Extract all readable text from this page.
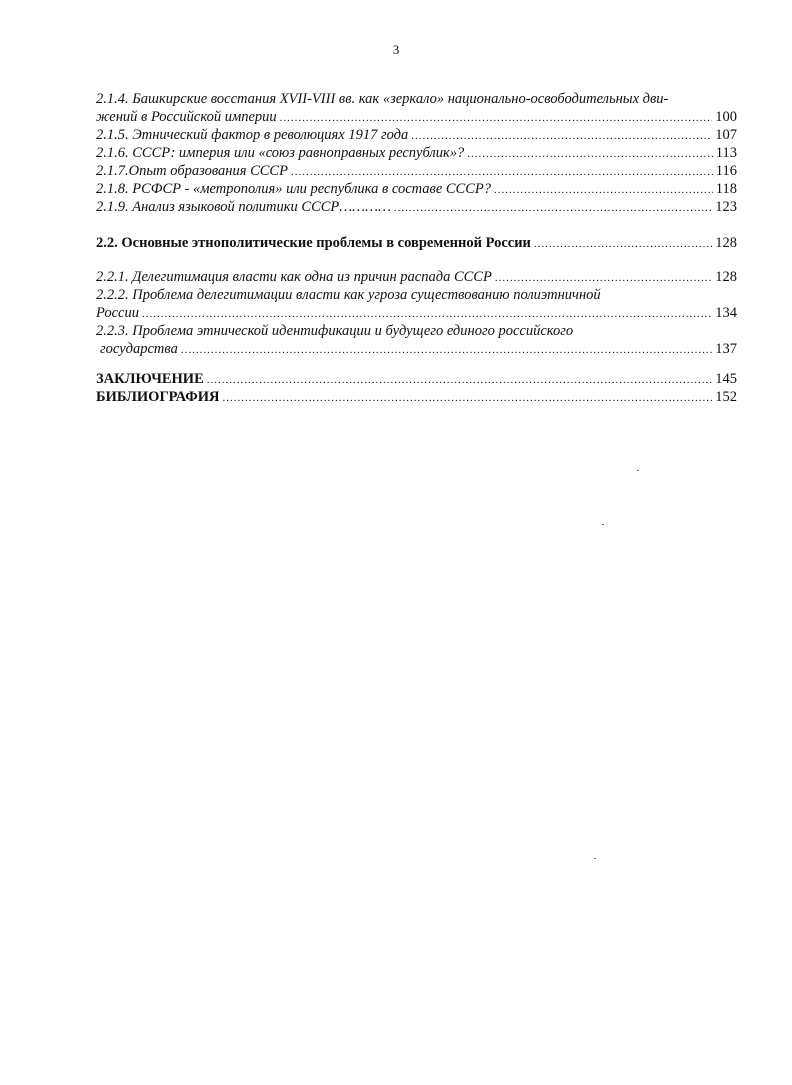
3
2.1.4. Башкирские восстания XVII-VIII вв. как «зеркало» национально-освободительных дви-
жений в Российской империи .....	100
2.1.5. Этнический фактор в революциях 1917 года .....	107
2.1.6. СССР: империя или «союз равноправных республик»? .....	113
2.1.7.Опыт образования СССР .....	116
2.1.8. РСФСР - «метрополия» или республика в составе СССР? .....	118
2.1.9. Анализ языковой политики СССР………… .....	123
2.2. Основные этнополитические проблемы в современной России .....	128
2.2.1. Делегитимация власти как одна из причин распада СССР .....	128
2.2.2. Проблема делегитимации власти как угроза существованию полиэтничной
России .....	134
2.2.3. Проблема этнической идентификации и будущего единого российского
государства .....	137
ЗАКЛЮЧЕНИЕ .....	145
БИБЛИОГРАФИЯ .....	152
